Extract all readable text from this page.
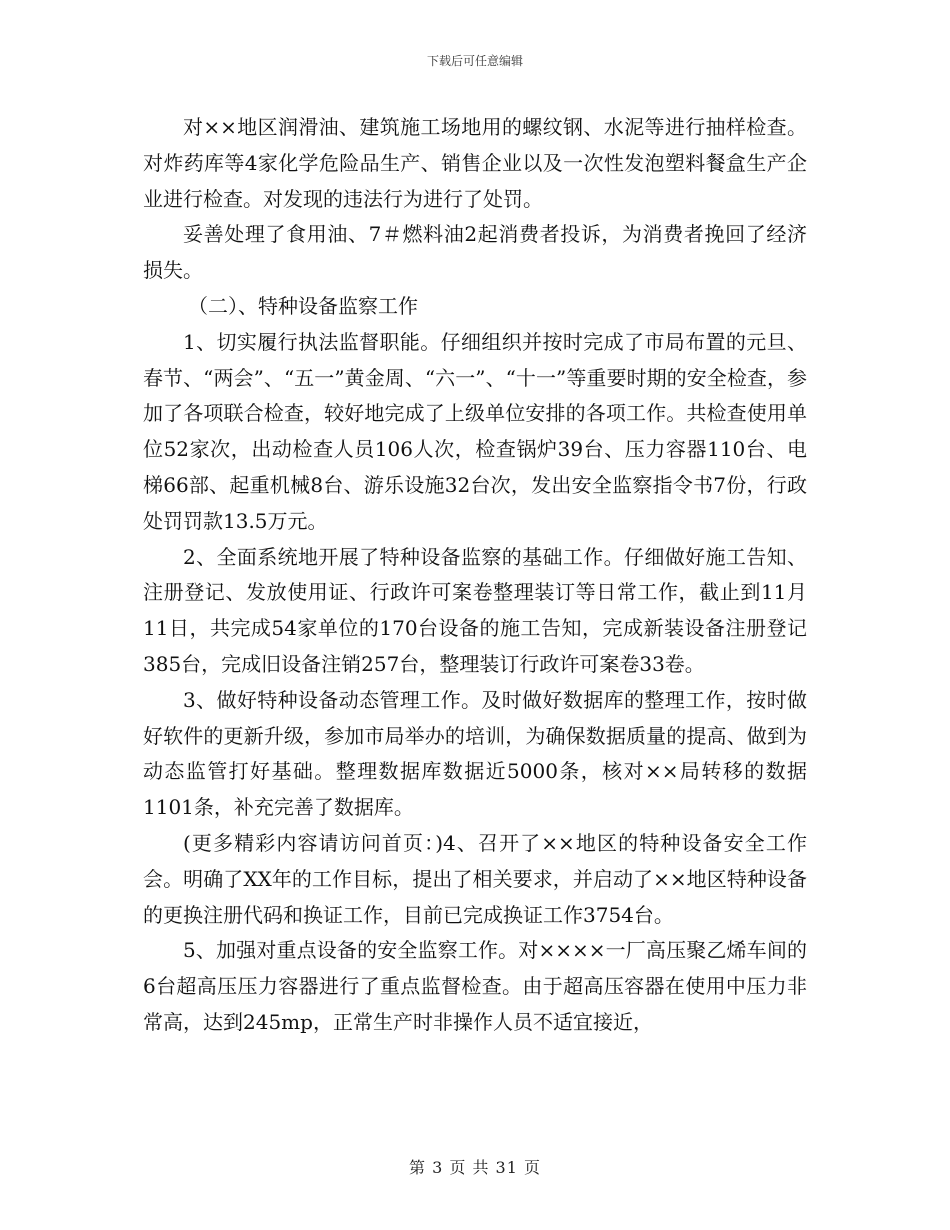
下载后可任意编辑

对××地区润滑油、建筑施工场地用的螺纹钢、水泥等进行抽样检查。对炸药库等4家化学危险品生产、销售企业以及一次性发泡塑料餐盒生产企业进行检查。对发现的违法行为进行了处罚。

妥善处理了食用油、7＃燃料油2起消费者投诉，为消费者挽回了经济损失。

（二）、特种设备监察工作

1、切实履行执法监督职能。仔细组织并按时完成了市局布置的元旦、春节、“两会”、“五一”黄金周、“六一”、“十一”等重要时期的安全检查，参加了各项联合检查，较好地完成了上级单位安排的各项工作。共检查使用单位52家次，出动检查人员106人次，检查锅炉39台、压力容器110台、电梯66部、起重机械8台、游乐设施32台次，发出安全监察指令书7份，行政处罚罚款13.5万元。

2、全面系统地开展了特种设备监察的基础工作。仔细做好施工告知、注册登记、发放使用证、行政许可案卷整理装订等日常工作，截止到11月11日，共完成54家单位的170台设备的施工告知，完成新装设备注册登记385台，完成旧设备注销257台，整理装订行政许可案卷33卷。

3、做好特种设备动态管理工作。及时做好数据库的整理工作，按时做好软件的更新升级，参加市局举办的培训，为确保数据质量的提高、做到为动态监管打好基础。整理数据库数据近5000条，核对××局转移的数据1101条，补充完善了数据库。

(更多精彩内容请访问首页：)4、召开了××地区的特种设备安全工作会。明确了XX年的工作目标，提出了相关要求，并启动了××地区特种设备的更换注册代码和换证工作，目前已完成换证工作3754台。

5、加强对重点设备的安全监察工作。对××××一厂高压聚乙烯车间的6台超高压压力容器进行了重点监督检查。由于超高压容器在使用中压力非常高，达到245mp，正常生产时非操作人员不适宜接近，

第 3 页 共 31 页
